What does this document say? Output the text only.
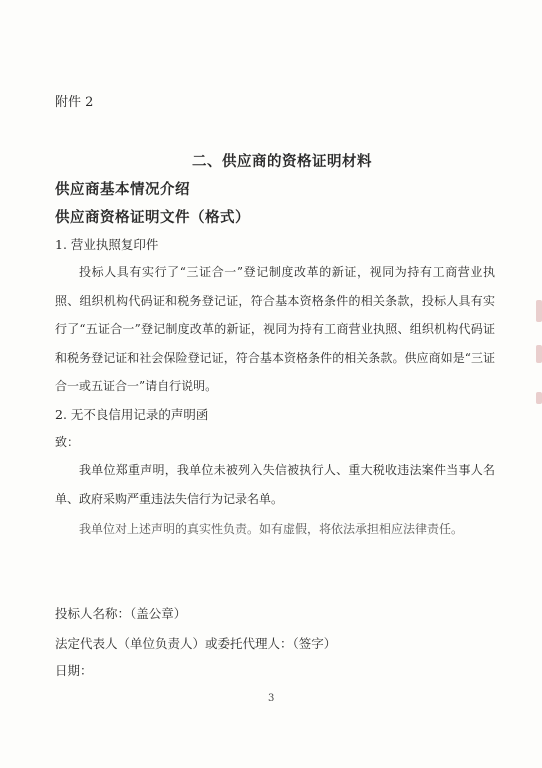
附件 2

二、供应商的资格证明材料

供应商基本情况介绍

供应商资格证明文件（格式）

1. 营业执照复印件

投标人具有实行了“三证合一”登记制度改革的新证，视同为持有工商营业执照、组织机构代码证和税务登记证，符合基本资格条件的相关条款，投标人具有实行了“五证合一”登记制度改革的新证，视同为持有工商营业执照、组织机构代码证和税务登记证和社会保险登记证，符合基本资格条件的相关条款。供应商如是“三证合一或五证合一”请自行说明。

2. 无不良信用记录的声明函

致：

我单位郑重声明，我单位未被列入失信被执行人、重大税收违法案件当事人名单、政府采购严重违法失信行为记录名单。

我单位对上述声明的真实性负责。如有虚假，将依法承担相应法律责任。

投标人名称：（盖公章）

法定代表人（单位负责人）或委托代理人：（签字）

日期：

3
